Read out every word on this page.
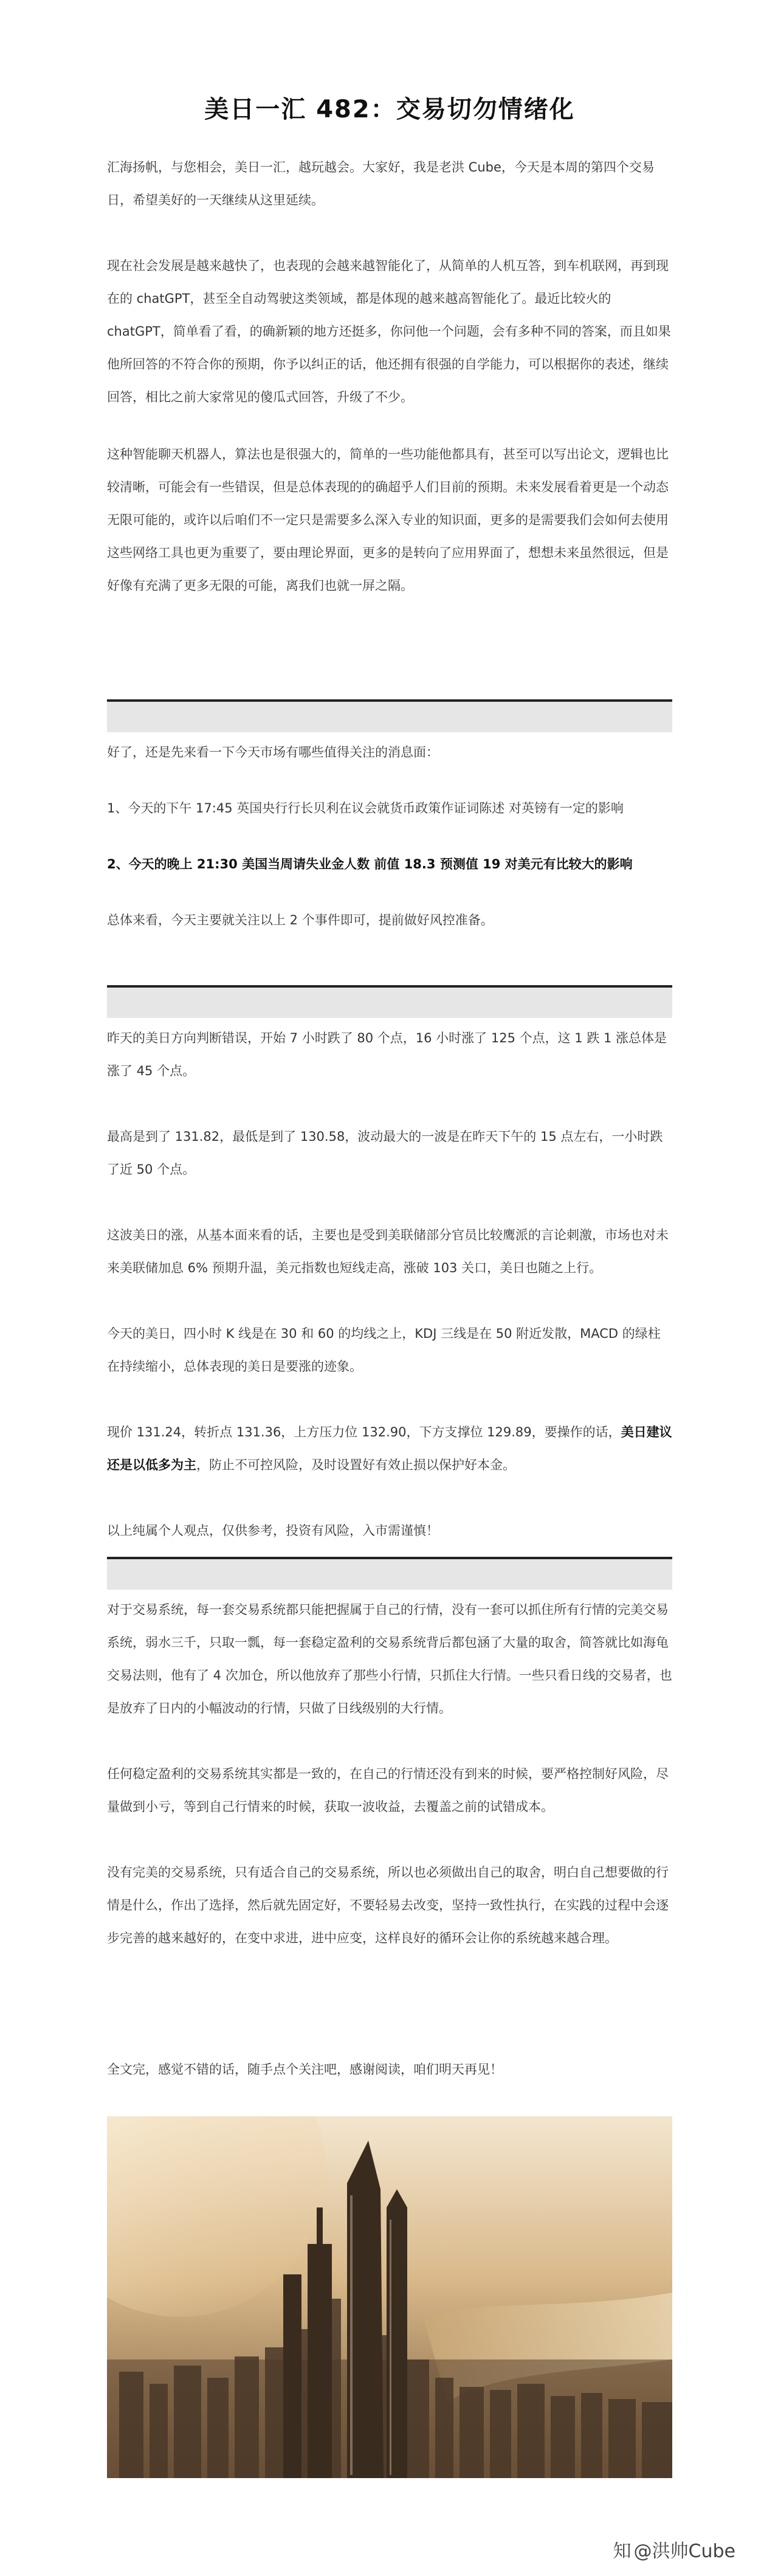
美日一汇 482：交易切勿情绪化

汇海扬帆，与您相会，美日一汇，越玩越会。大家好，我是老洪 Cube，今天是本周的第四个交易日，希望美好的一天继续从这里延续。

现在社会发展是越来越快了，也表现的会越来越智能化了，从简单的人机互答，到车机联网，再到现在的 chatGPT，甚至全自动驾驶这类领域，都是体现的越来越高智能化了。最近比较火的 chatGPT，简单看了看，的确新颖的地方还挺多，你问他一个问题，会有多种不同的答案，而且如果他所回答的不符合你的预期，你予以纠正的话，他还拥有很强的自学能力，可以根据你的表述，继续回答，相比之前大家常见的傻瓜式回答，升级了不少。

这种智能聊天机器人，算法也是很强大的，简单的一些功能他都具有，甚至可以写出论文，逻辑也比较清晰，可能会有一些错误，但是总体表现的的确超乎人们目前的预期。未来发展看着更是一个动态无限可能的，或许以后咱们不一定只是需要多么深入专业的知识面，更多的是需要我们会如何去使用这些网络工具也更为重要了，要由理论界面，更多的是转向了应用界面了，想想未来虽然很远，但是好像有充满了更多无限的可能，离我们也就一屏之隔。

好了，还是先来看一下今天市场有哪些值得关注的消息面：

1、今天的下午 17:45 英国央行行长贝利在议会就货币政策作证词陈述 对英镑有一定的影响

2、今天的晚上 21:30 美国当周请失业金人数 前值 18.3 预测值 19 对美元有比较大的影响

总体来看，今天主要就关注以上 2 个事件即可，提前做好风控准备。

昨天的美日方向判断错误，开始 7 小时跌了 80 个点，16 小时涨了 125 个点，这 1 跌 1 涨总体是涨了 45 个点。

最高是到了 131.82，最低是到了 130.58，波动最大的一波是在昨天下午的 15 点左右，一小时跌了近 50 个点。

这波美日的涨，从基本面来看的话，主要也是受到美联储部分官员比较鹰派的言论刺激，市场也对未来美联储加息 6% 预期升温，美元指数也短线走高，涨破 103 关口，美日也随之上行。

今天的美日，四小时 K 线是在 30 和 60 的均线之上，KDJ 三线是在 50 附近发散，MACD 的绿柱在持续缩小，总体表现的美日是要涨的迹象。

现价 131.24，转折点 131.36，上方压力位 132.90，下方支撑位 129.89，要操作的话，美日建议还是以低多为主，防止不可控风险，及时设置好有效止损以保护好本金。

以上纯属个人观点，仅供参考，投资有风险，入市需谨慎！

对于交易系统，每一套交易系统都只能把握属于自己的行情，没有一套可以抓住所有行情的完美交易系统，弱水三千，只取一瓢，每一套稳定盈利的交易系统背后都包涵了大量的取舍，简答就比如海龟交易法则，他有了 4 次加仓，所以他放弃了那些小行情，只抓住大行情。一些只看日线的交易者，也是放弃了日内的小幅波动的行情，只做了日线级别的大行情。

任何稳定盈利的交易系统其实都是一致的，在自己的行情还没有到来的时候，要严格控制好风险，尽量做到小亏，等到自己行情来的时候，获取一波收益，去覆盖之前的试错成本。

没有完美的交易系统，只有适合自己的交易系统，所以也必须做出自己的取舍，明白自己想要做的行情是什么，作出了选择，然后就先固定好，不要轻易去改变，坚持一致性执行，在实践的过程中会逐步完善的越来越好的，在变中求进，进中应变，这样良好的循环会让你的系统越来越合理。

全文完，感觉不错的话，随手点个关注吧，感谢阅读，咱们明天再见！

知 @洪帅Cube
